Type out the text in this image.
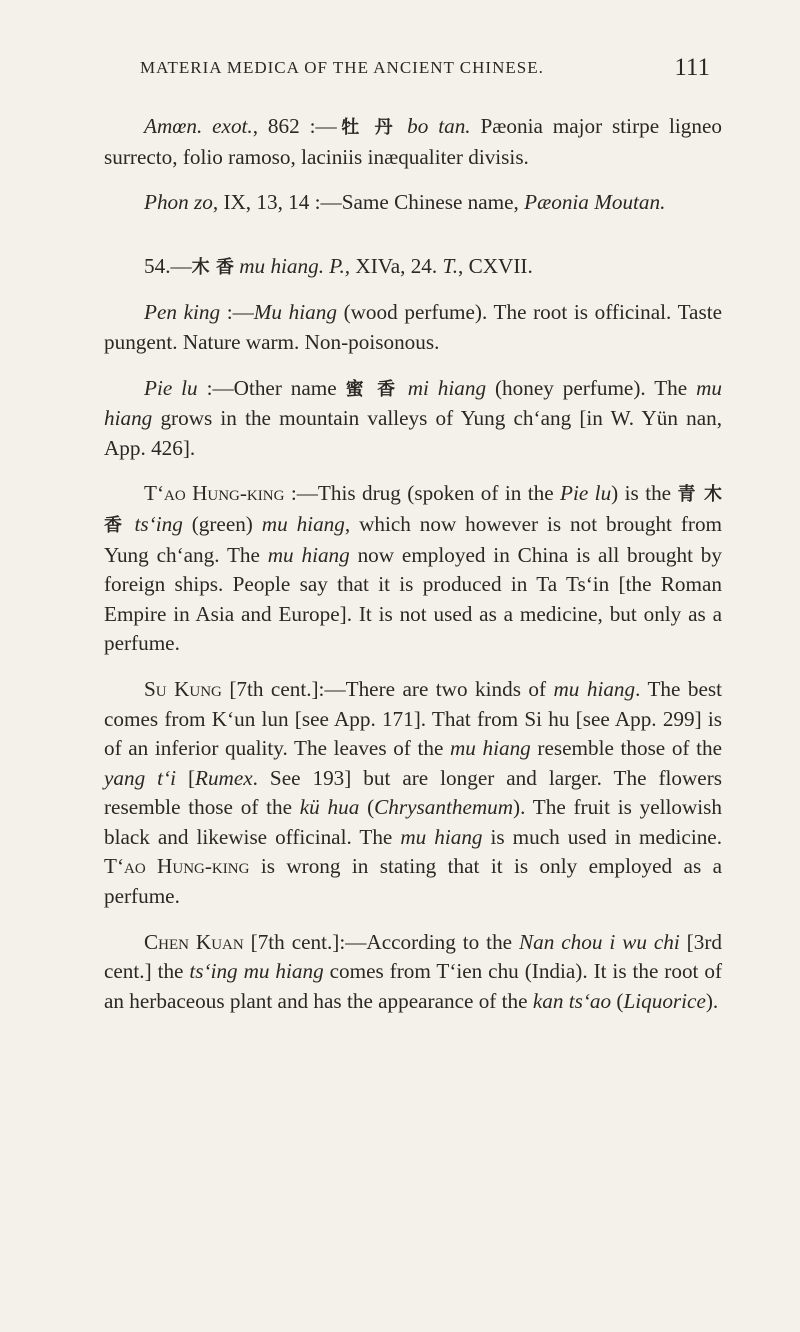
MATERIA MEDICA OF THE ANCIENT CHINESE.	111

Amœn. exot., 862 :—牡 丹 bo tan. Pæonia major stirpe ligneo surrecto, folio ramoso, laciniis inæqualiter divisis.

Phon zo, IX, 13, 14 :—Same Chinese name, Pæonia Moutan.

54.—木 香 mu hiang. P., XIVa, 24. T., CXVII.

Pen king :—Mu hiang (wood perfume). The root is officinal. Taste pungent. Nature warm. Non-poisonous.

Pie lu :—Other name 蜜 香 mi hiang (honey perfume). The mu hiang grows in the mountain valleys of Yung ch‘ang [in W. Yün nan, App. 426].

T‘ao Hung-king :—This drug (spoken of in the Pie lu) is the 青 木 香 ts‘ing (green) mu hiang, which now however is not brought from Yung ch‘ang. The mu hiang now employed in China is all brought by foreign ships. People say that it is produced in Ta Ts‘in [the Roman Empire in Asia and Europe]. It is not used as a medicine, but only as a perfume.

Su Kung [7th cent.]:—There are two kinds of mu hiang. The best comes from K‘un lun [see App. 171]. That from Si hu [see App. 299] is of an inferior quality. The leaves of the mu hiang resemble those of the yang t‘i [Rumex. See 193] but are longer and larger. The flowers resemble those of the kü hua (Chrysanthemum). The fruit is yellowish black and likewise officinal. The mu hiang is much used in medicine. T‘ao Hung-king is wrong in stating that it is only employed as a perfume.

Chen Kuan [7th cent.]:—According to the Nan chou i wu chi [3rd cent.] the ts‘ing mu hiang comes from T‘ien chu (India). It is the root of an herbaceous plant and has the appearance of the kan ts‘ao (Liquorice).
